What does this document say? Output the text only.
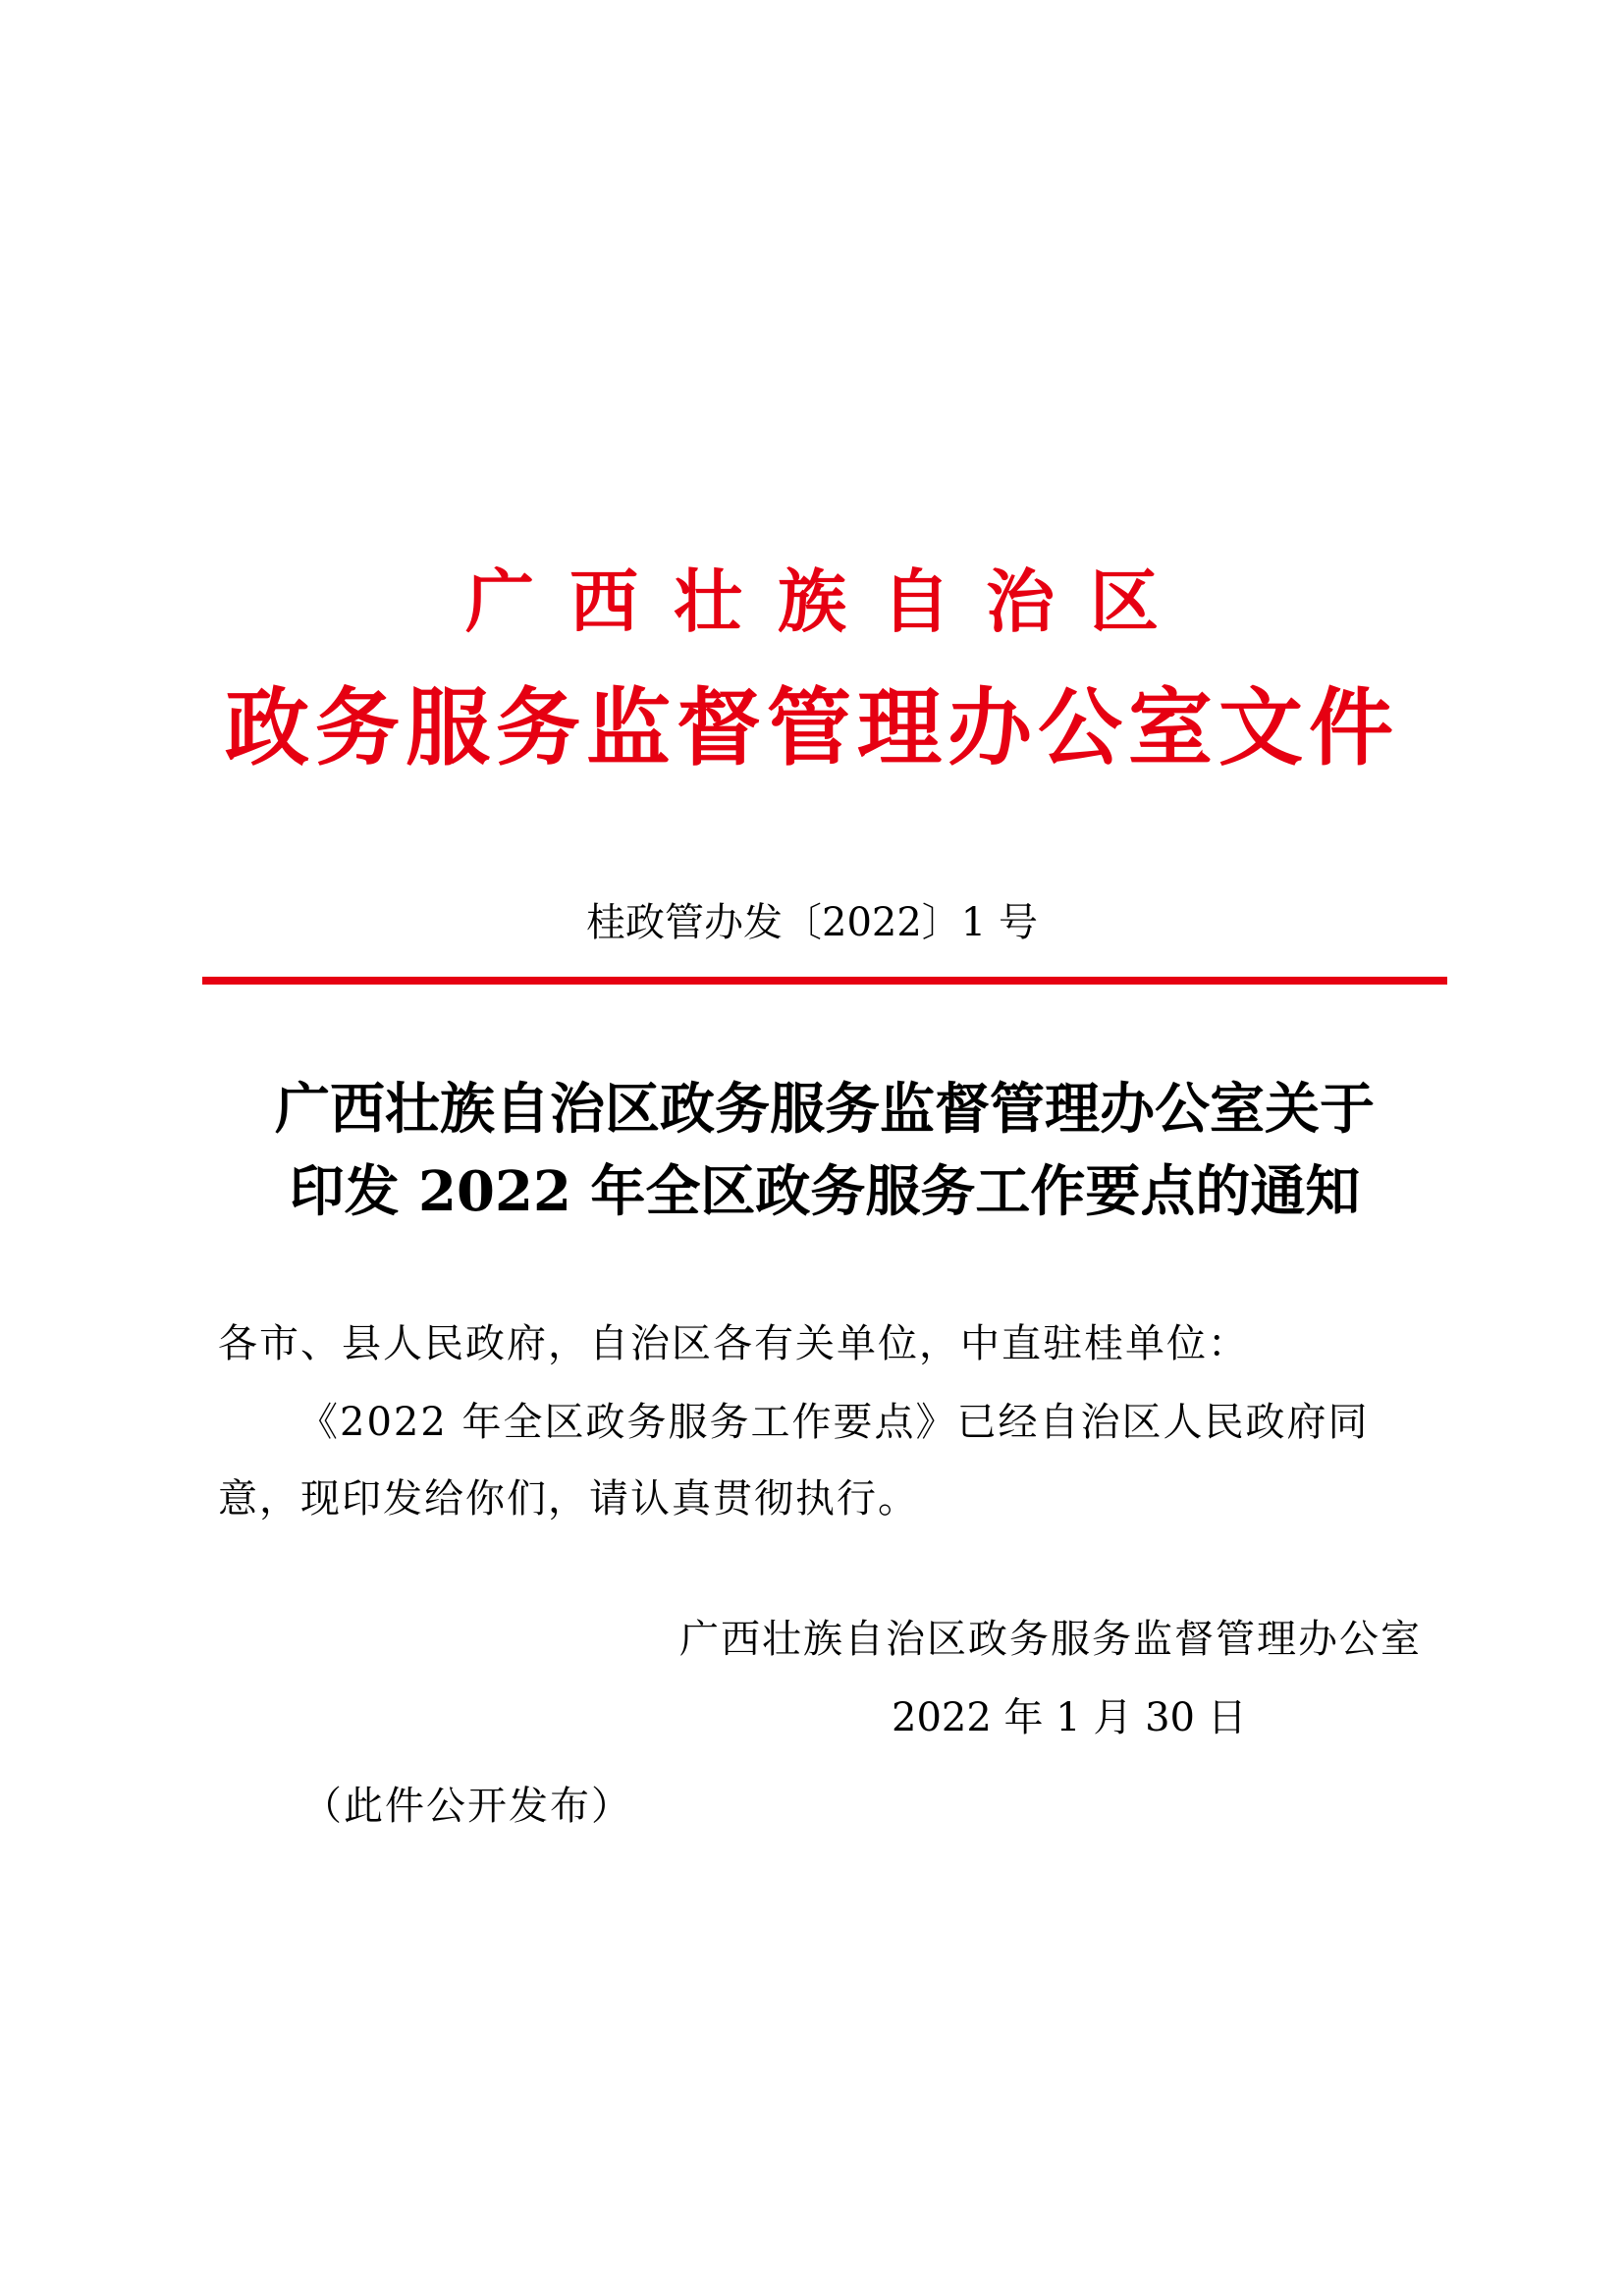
广西壮族自治区
政务服务监督管理办公室文件
桂政管办发〔2022〕1 号
广西壮族自治区政务服务监督管理办公室关于
印发 2022 年全区政务服务工作要点的通知
各市、县人民政府，自治区各有关单位，中直驻桂单位：
《2022 年全区政务服务工作要点》已经自治区人民政府同意，现印发给你们，请认真贯彻执行。
广西壮族自治区政务服务监督管理办公室
2022 年 1 月 30 日
（此件公开发布）
